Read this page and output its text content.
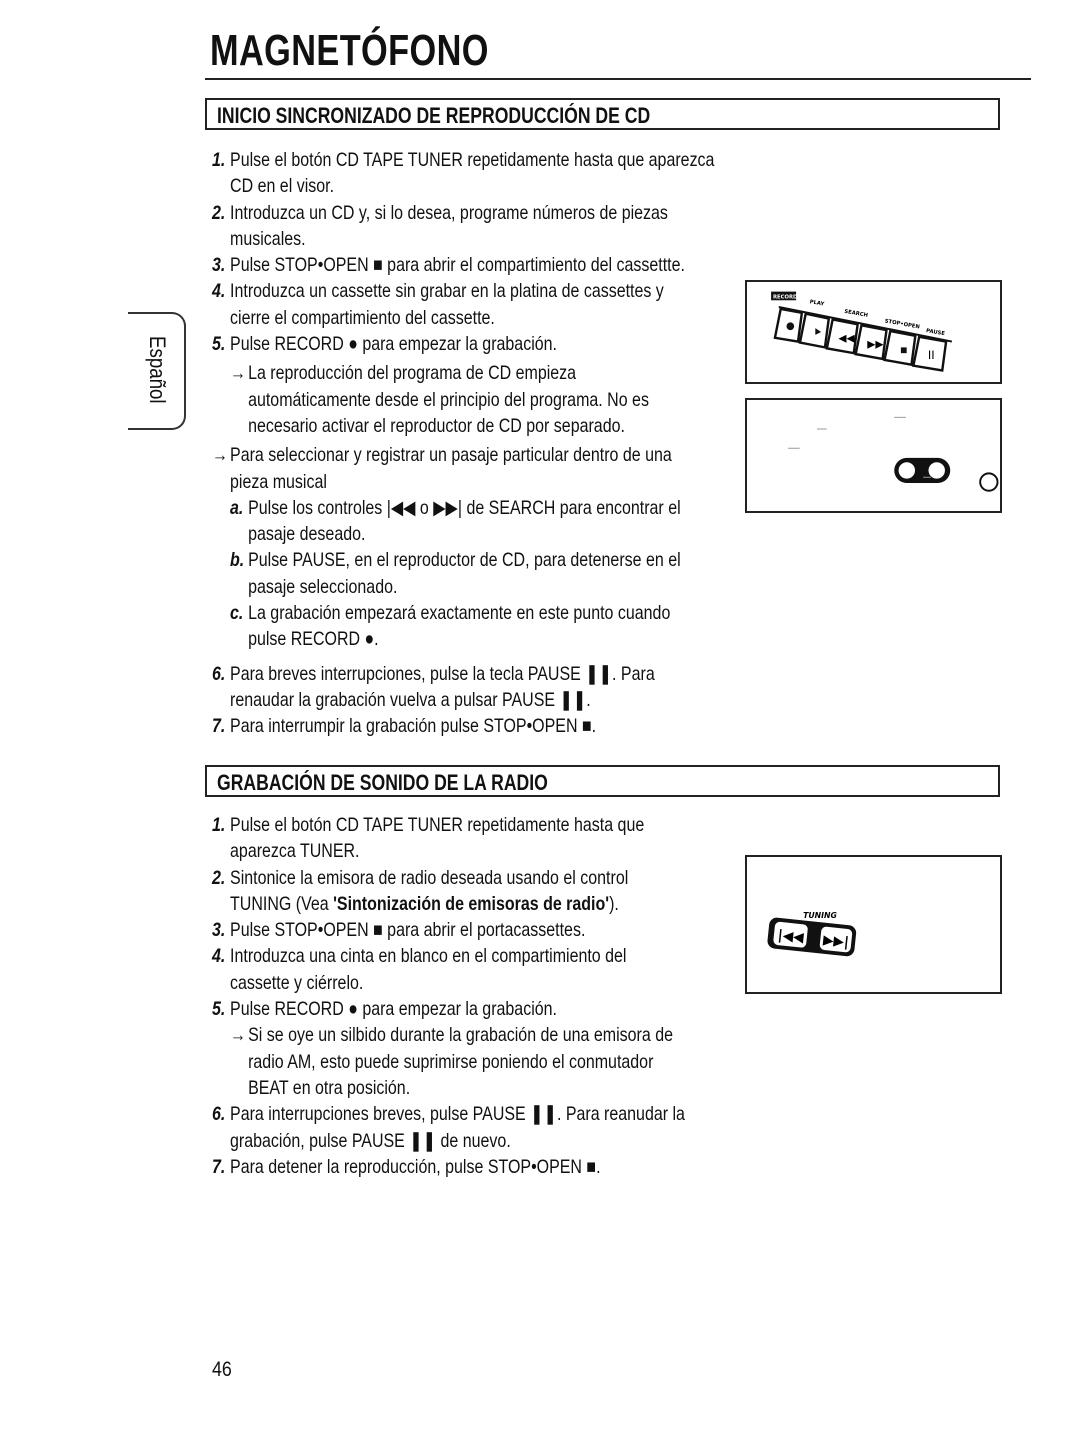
MAGNETÓFONO
Español
INICIO SINCRONIZADO DE REPRODUCCIÓN DE CD
1. Pulse el botón CD TAPE TUNER repetidamente hasta que aparezca
CD en el visor.
2. Introduzca un CD y, si lo desea, programe números de piezas
musicales.
3. Pulse STOP•OPEN ■ para abrir el compartimiento del cassettte.
4. Introduzca un cassette sin grabar en la platina de cassettes y
cierre el compartimiento del cassette.
5. Pulse RECORD ● para empezar la grabación.
→ La reproducción del programa de CD empieza
automáticamente desde el principio del programa. No es
necesario activar el reproductor de CD por separado.
→ Para seleccionar y registrar un pasaje particular dentro de una
pieza musical
a. Pulse los controles |◀◀ o ▶▶| de SEARCH para encontrar el
pasaje deseado.
b. Pulse PAUSE, en el reproductor de CD, para detenerse en el
pasaje seleccionado.
c. La grabación empezará exactamente en este punto cuando
pulse RECORD ●.
6. Para breves interrupciones, pulse la tecla PAUSE ❚❚. Para
renaudar la grabación vuelva a pulsar PAUSE ❚❚.
7. Para interrumpir la grabación pulse STOP•OPEN ■.
GRABACIÓN DE SONIDO DE LA RADIO
1. Pulse el botón CD TAPE TUNER repetidamente hasta que
aparezca TUNER.
2. Sintonice la emisora de radio deseada usando el control
TUNING (Vea 'Sintonización de emisoras de radio').
3. Pulse STOP•OPEN ■ para abrir el portacassettes.
4. Introduzca una cinta en blanco en el compartimiento del
cassette y ciérrelo.
5. Pulse RECORD ● para empezar la grabación.
→ Si se oye un silbido durante la grabación de una emisora de
radio AM, esto puede suprimirse poniendo el conmutador
BEAT en otra posición.
6. Para interrupciones breves, pulse PAUSE ❚❚. Para reanudar la
grabación, pulse PAUSE ❚❚ de nuevo.
7. Para detener la reproducción, pulse STOP•OPEN ■.
RECORD
PLAY
SEARCH
STOP•OPEN
PAUSE
◀◀ ▶▶
II
TUNING
|◀◀ ▶▶|
46
